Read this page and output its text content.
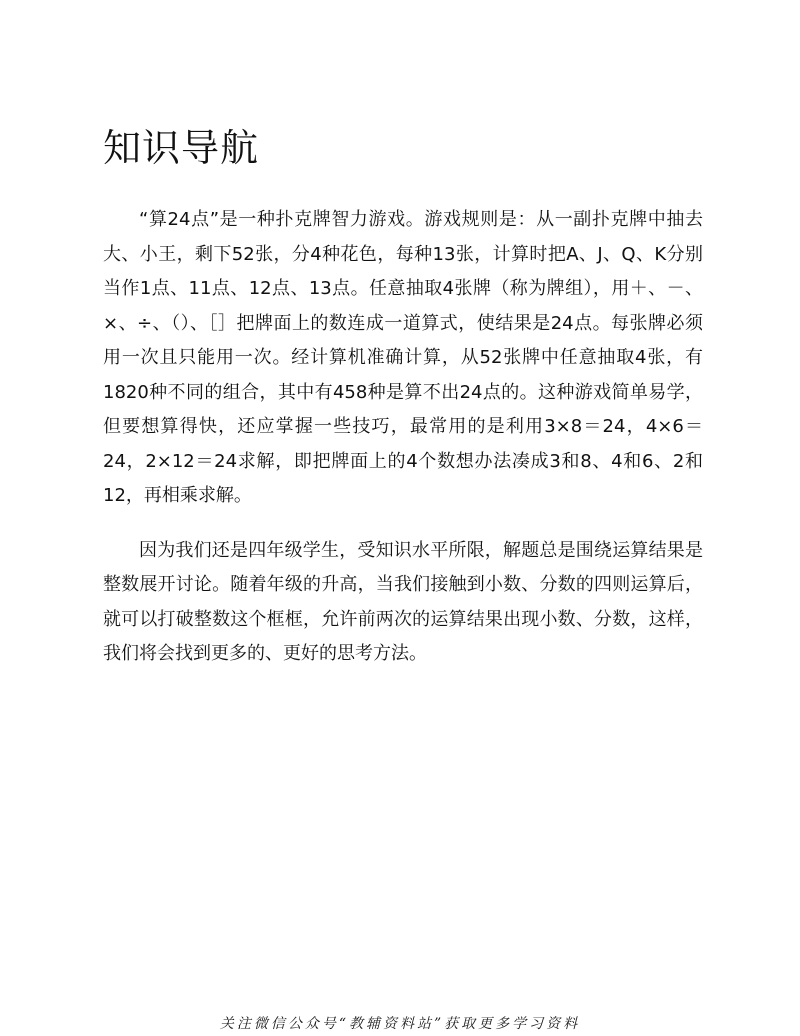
知识导航

“算24点”是一种扑克牌智力游戏。游戏规则是：从一副扑克牌中抽去大、小王，剩下52张，分4种花色，每种13张，计算时把A、J、Q、K分别当作1点、11点、12点、13点。任意抽取4张牌（称为牌组），用＋、－、×、÷、（）、［］把牌面上的数连成一道算式，使结果是24点。每张牌必须用一次且只能用一次。经计算机准确计算，从52张牌中任意抽取4张，有1820种不同的组合，其中有458种是算不出24点的。这种游戏简单易学，但要想算得快，还应掌握一些技巧，最常用的是利用3×8＝24，4×6＝24，2×12＝24求解，即把牌面上的4个数想办法凑成3和8、4和6、2和12，再相乘求解。

因为我们还是四年级学生，受知识水平所限，解题总是围绕运算结果是整数展开讨论。随着年级的升高，当我们接触到小数、分数的四则运算后，就可以打破整数这个框框，允许前两次的运算结果出现小数、分数，这样，我们将会找到更多的、更好的思考方法。

关注微信公众号“教辅资料站”获取更多学习资料
